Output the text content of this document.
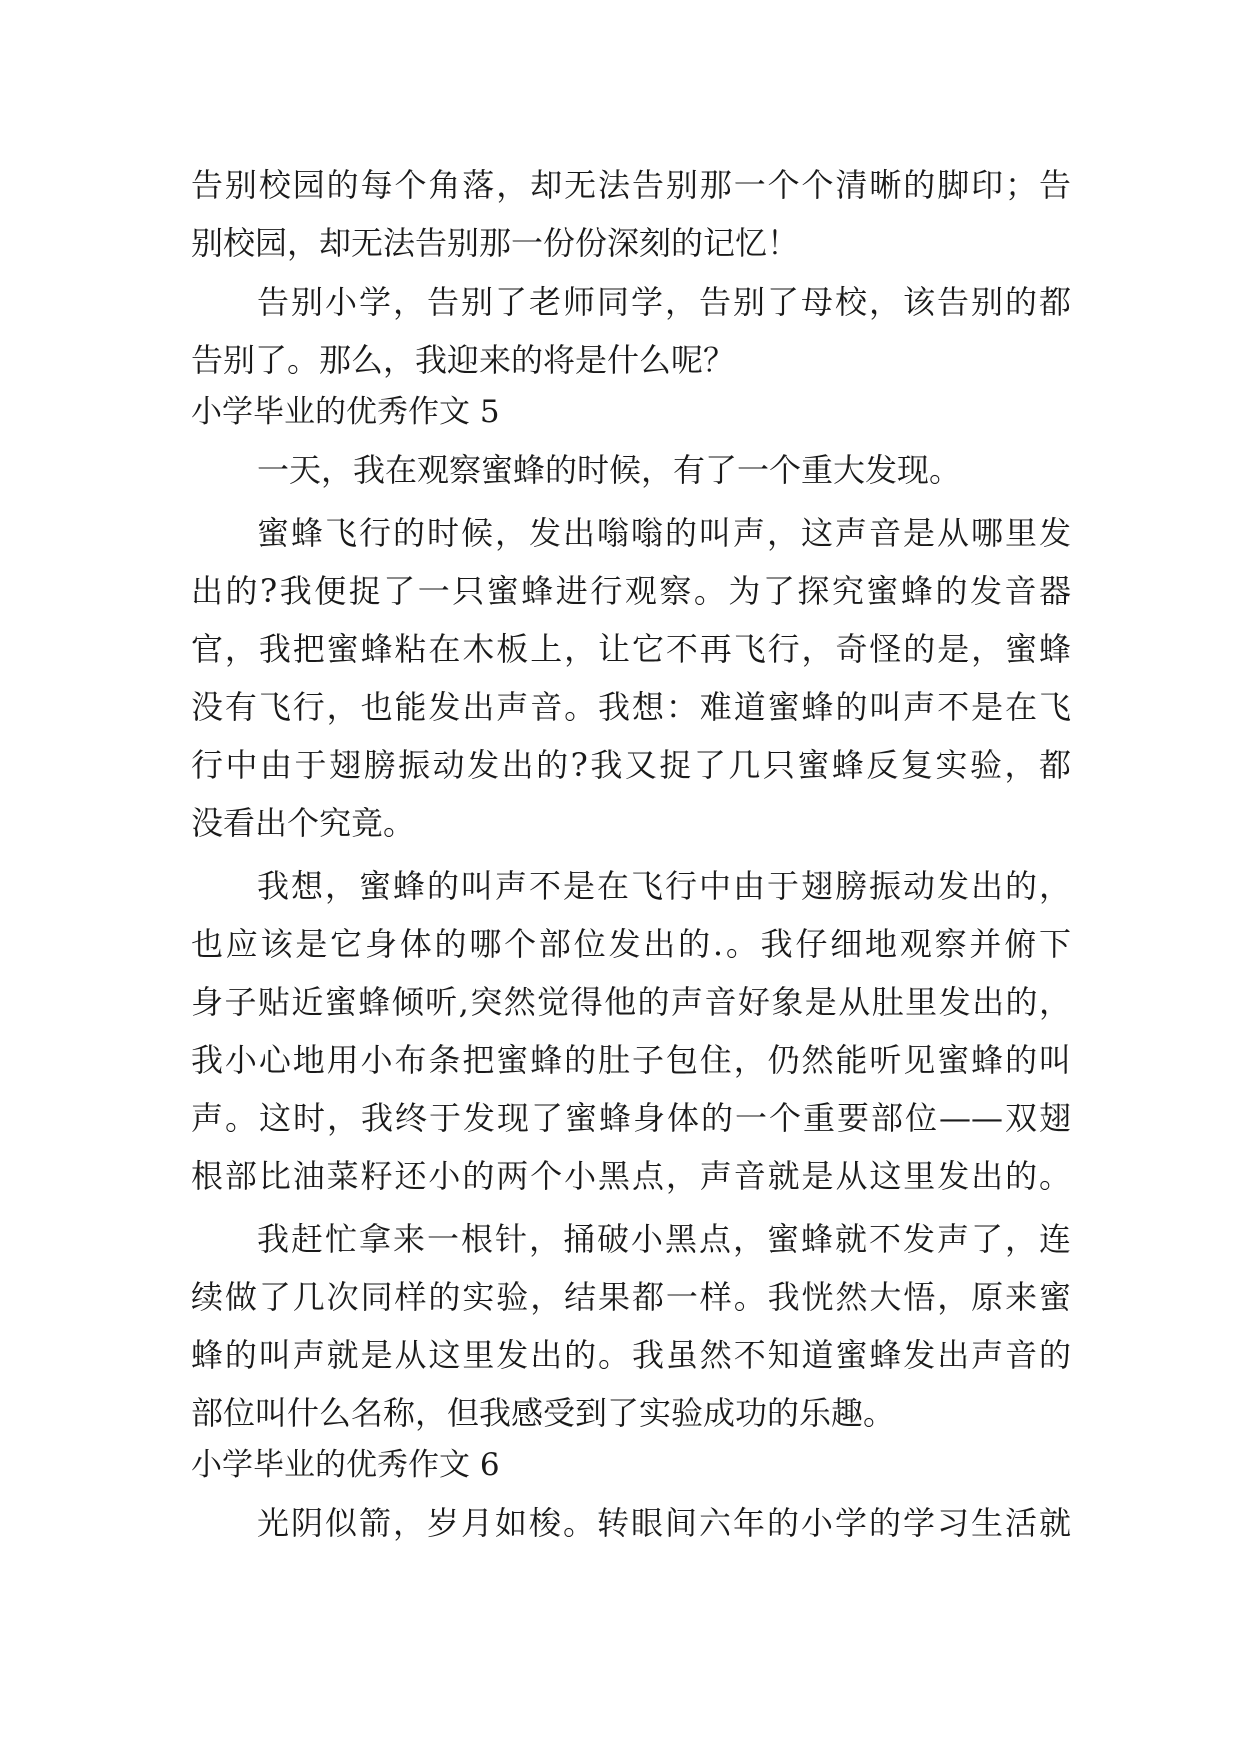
告别校园的每个角落，却无法告别那一个个清晰的脚印；告
别校园，却无法告别那一份份深刻的记忆！
告别小学，告别了老师同学，告别了母校，该告别的都
告别了。那么，我迎来的将是什么呢？
小学毕业的优秀作文 5
一天，我在观察蜜蜂的时候，有了一个重大发现。
蜜蜂飞行的时候，发出嗡嗡的叫声，这声音是从哪里发
出的?我便捉了一只蜜蜂进行观察。为了探究蜜蜂的发音器
官，我把蜜蜂粘在木板上，让它不再飞行，奇怪的是，蜜蜂
没有飞行，也能发出声音。我想：难道蜜蜂的叫声不是在飞
行中由于翅膀振动发出的?我又捉了几只蜜蜂反复实验，都
没看出个究竟。
我想，蜜蜂的叫声不是在飞行中由于翅膀振动发出的，
也应该是它身体的哪个部位发出的.。我仔细地观察并俯下
身子贴近蜜蜂倾听,突然觉得他的声音好象是从肚里发出的，
我小心地用小布条把蜜蜂的肚子包住，仍然能听见蜜蜂的叫
声。这时，我终于发现了蜜蜂身体的一个重要部位——双翅
根部比油菜籽还小的两个小黑点，声音就是从这里发出的。
我赶忙拿来一根针，捅破小黑点，蜜蜂就不发声了，连
续做了几次同样的实验，结果都一样。我恍然大悟，原来蜜
蜂的叫声就是从这里发出的。我虽然不知道蜜蜂发出声音的
部位叫什么名称，但我感受到了实验成功的乐趣。
小学毕业的优秀作文 6
光阴似箭，岁月如梭。转眼间六年的小学的学习生活就
